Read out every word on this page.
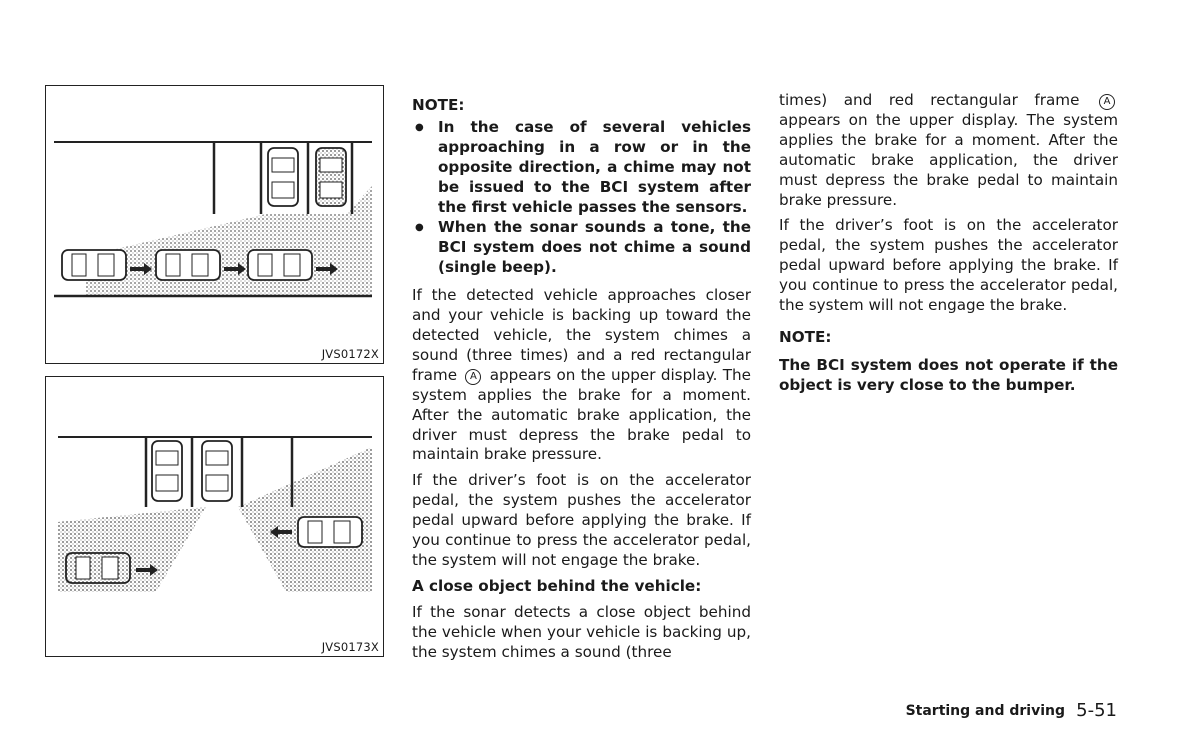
JVS0172X
JVS0173X
NOTE:
● In the case of several vehicles approaching in a row or in the opposite direction, a chime may not be issued to the BCI system after the first vehicle passes the sensors.
● When the sonar sounds a tone, the BCI system does not chime a sound (single beep).

If the detected vehicle approaches closer and your vehicle is backing up toward the detected vehicle, the system chimes a sound (three times) and a red rectangular frame A appears on the upper display. The system applies the brake for a moment. After the automatic brake application, the driver must depress the brake pedal to maintain brake pressure.

If the driver’s foot is on the accelerator pedal, the system pushes the accelerator pedal upward before applying the brake. If you continue to press the accelerator pedal, the system will not engage the brake.

A close object behind the vehicle:

If the sonar detects a close object behind the vehicle when your vehicle is backing up, the system chimes a sound (three

times) and red rectangular frame A appears on the upper display. The system applies the brake for a moment. After the automatic brake application, the driver must depress the brake pedal to maintain brake pressure.

If the driver’s foot is on the accelerator pedal, the system pushes the accelerator pedal upward before applying the brake. If you continue to press the accelerator pedal, the system will not engage the brake.

NOTE:

The BCI system does not operate if the object is very close to the bumper.

Starting and driving 5-51
